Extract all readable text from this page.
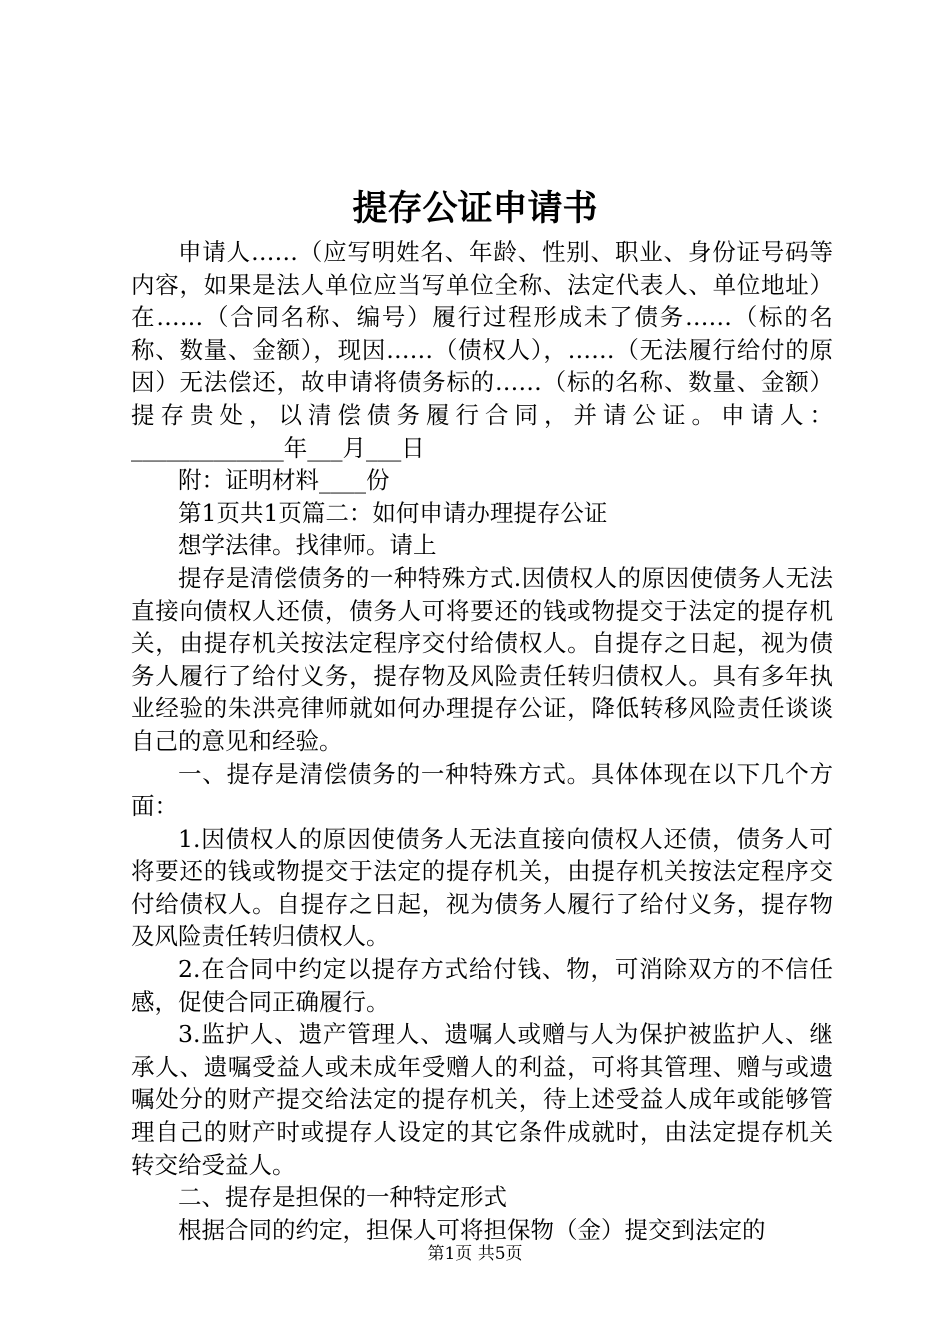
提存公证申请书

申请人……（应写明姓名、年龄、性别、职业、身份证号码等内容，如果是法人单位应当写单位全称、法定代表人、单位地址）在……（合同名称、编号）履行过程形成未了债务……（标的名称、数量、金额），现因……（债权人），……（无法履行给付的原因）无法偿还，故申请将债务标的……（标的名称、数量、金额）提存贵处，以清偿债务履行合同，并请公证。申请人：_____________年___月___日

附：证明材料____份

第1页共1页篇二：如何申请办理提存公证

想学法律。找律师。请上

提存是清偿债务的一种特殊方式.因债权人的原因使债务人无法直接向债权人还债，债务人可将要还的钱或物提交于法定的提存机关，由提存机关按法定程序交付给债权人。自提存之日起，视为债务人履行了给付义务，提存物及风险责任转归债权人。具有多年执业经验的朱洪亮律师就如何办理提存公证，降低转移风险责任谈谈自己的意见和经验。

一、提存是清偿债务的一种特殊方式。具体体现在以下几个方面：

1.因债权人的原因使债务人无法直接向债权人还债，债务人可将要还的钱或物提交于法定的提存机关，由提存机关按法定程序交付给债权人。自提存之日起，视为债务人履行了给付义务，提存物及风险责任转归债权人。

2.在合同中约定以提存方式给付钱、物，可消除双方的不信任感，促使合同正确履行。

3.监护人、遗产管理人、遗嘱人或赠与人为保护被监护人、继承人、遗嘱受益人或未成年受赠人的利益，可将其管理、赠与或遗嘱处分的财产提交给法定的提存机关，待上述受益人成年或能够管理自己的财产时或提存人设定的其它条件成就时，由法定提存机关转交给受益人。

二、提存是担保的一种特定形式

根据合同的约定，担保人可将担保物（金）提交到法定的

第1页 共5页
